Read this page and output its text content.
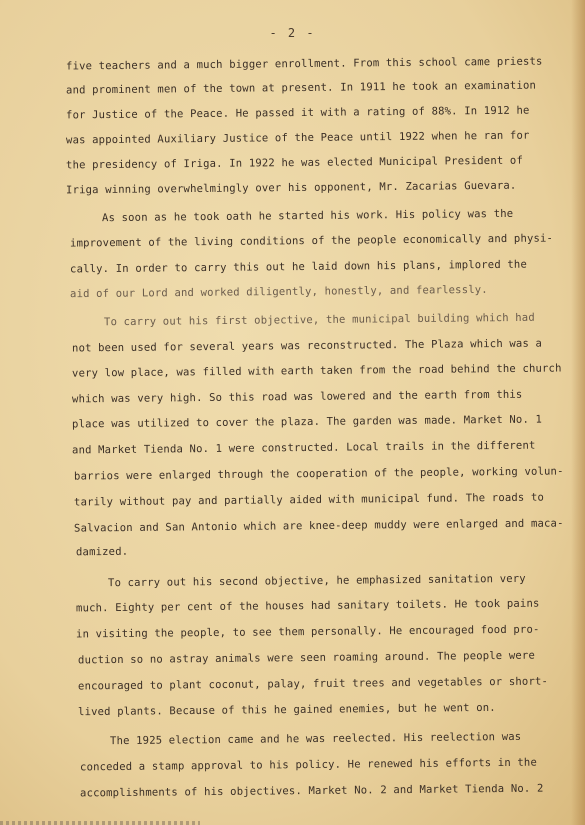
- 2 -
five teachers and a much bigger enrollment. From this school came priests
and prominent men of the town at present. In 1911 he took an examination
for Justice of the Peace. He passed it with a rating of 88%. In 1912 he
was appointed Auxiliary Justice of the Peace until 1922 when he ran for
the presidency of Iriga. In 1922 he was elected Municipal President of
Iriga winning overwhelmingly over his opponent, Mr. Zacarias Guevara.
As soon as he took oath he started his work. His policy was the
improvement of the living conditions of the people economically and physi-
cally. In order to carry this out he laid down his plans, implored the
aid of our Lord and worked diligently, honestly, and fearlessly.
To carry out his first objective, the municipal building which had
not been used for several years was reconstructed. The Plaza which was a
very low place, was filled with earth taken from the road behind the church
which was very high. So this road was lowered and the earth from this
place was utilized to cover the plaza. The garden was made. Market No. 1
and Market Tienda No. 1 were constructed. Local trails in the different
barrios were enlarged through the cooperation of the people, working volun-
tarily without pay and partially aided with municipal fund. The roads to
Salvacion and San Antonio which are knee-deep muddy were enlarged and maca-
damized.
To carry out his second objective, he emphasized sanitation very
much. Eighty per cent of the houses had sanitary toilets. He took pains
in visiting the people, to see them personally. He encouraged food pro-
duction so no astray animals were seen roaming around. The people were
encouraged to plant coconut, palay, fruit trees and vegetables or short-
lived plants. Because of this he gained enemies, but he went on.
The 1925 election came and he was reelected. His reelection was
conceded a stamp approval to his policy. He renewed his efforts in the
accomplishments of his objectives. Market No. 2 and Market Tienda No. 2
